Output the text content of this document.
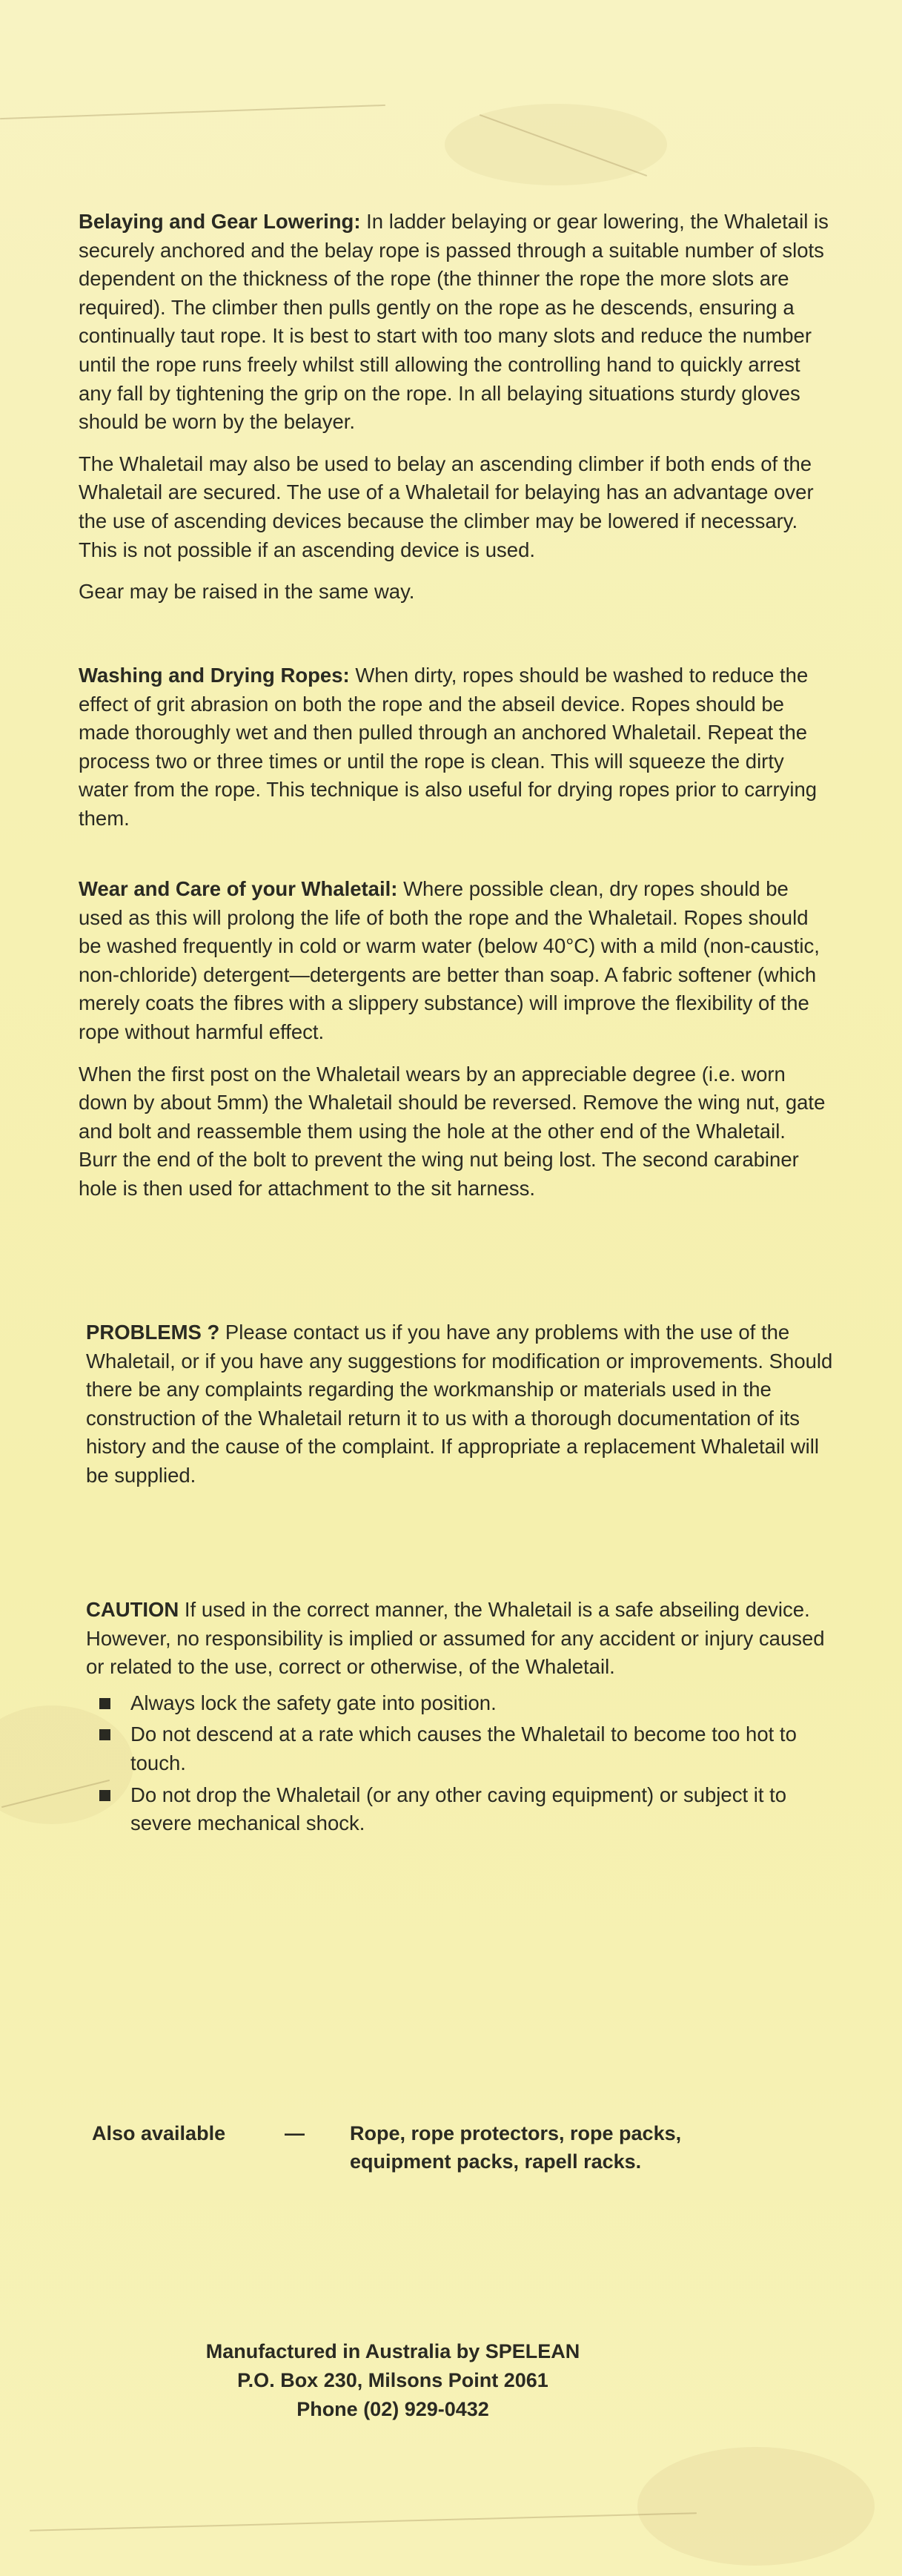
Belaying and Gear Lowering: In ladder belaying or gear lowering, the Whaletail is securely anchored and the belay rope is passed through a suitable number of slots dependent on the thickness of the rope (the thinner the rope the more slots are required). The climber then pulls gently on the rope as he descends, ensuring a continually taut rope. It is best to start with too many slots and reduce the number until the rope runs freely whilst still allowing the controlling hand to quickly arrest any fall by tightening the grip on the rope. In all belaying situations sturdy gloves should be worn by the belayer.

The Whaletail may also be used to belay an ascending climber if both ends of the Whaletail are secured. The use of a Whaletail for belaying has an advantage over the use of ascending devices because the climber may be lowered if necessary. This is not possible if an ascending device is used.

Gear may be raised in the same way.

Washing and Drying Ropes: When dirty, ropes should be washed to reduce the effect of grit abrasion on both the rope and the abseil device. Ropes should be made thoroughly wet and then pulled through an anchored Whaletail. Repeat the process two or three times or until the rope is clean. This will squeeze the dirty water from the rope. This technique is also useful for drying ropes prior to carrying them.

Wear and Care of your Whaletail: Where possible clean, dry ropes should be used as this will prolong the life of both the rope and the Whaletail. Ropes should be washed frequently in cold or warm water (below 40°C) with a mild (non-caustic, non-chloride) detergent—detergents are better than soap. A fabric softener (which merely coats the fibres with a slippery substance) will improve the flexibility of the rope without harmful effect.

When the first post on the Whaletail wears by an appreciable degree (i.e. worn down by about 5mm) the Whaletail should be reversed. Remove the wing nut, gate and bolt and reassemble them using the hole at the other end of the Whaletail. Burr the end of the bolt to prevent the wing nut being lost. The second carabiner hole is then used for attachment to the sit harness.

PROBLEMS ? Please contact us if you have any problems with the use of the Whaletail, or if you have any suggestions for modification or improvements. Should there be any complaints regarding the workmanship or materials used in the construction of the Whaletail return it to us with a thorough documentation of its history and the cause of the complaint. If appropriate a replacement Whaletail will be supplied.

CAUTION If used in the correct manner, the Whaletail is a safe abseiling device. However, no responsibility is implied or assumed for any accident or injury caused or related to the use, correct or otherwise, of the Whaletail.

Always lock the safety gate into position.
Do not descend at a rate which causes the Whaletail to become too hot to touch.
Do not drop the Whaletail (or any other caving equipment) or subject it to severe mechanical shock.
Also available	— Rope, rope protectors, rope packs,
equipment packs, rapell racks.
Manufactured in Australia by SPELEAN
P.O. Box 230, Milsons Point 2061
Phone (02) 929-0432
